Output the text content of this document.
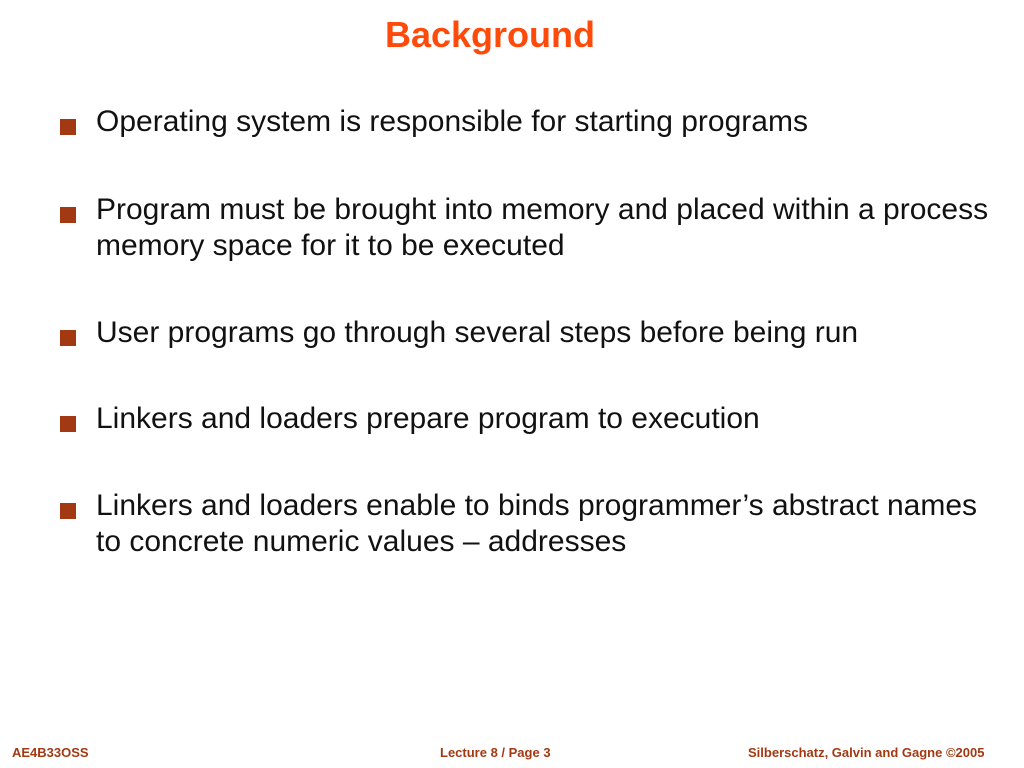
Background
Operating system is responsible for starting programs
Program must be brought into memory and placed within a process memory space for it to be executed
User programs go through several steps before being run
Linkers and loaders prepare program to execution
Linkers and loaders enable to binds programmer’s abstract names to concrete numeric values – addresses
AE4B33OSS	Lecture 8 / Page 3	Silberschatz, Galvin and Gagne ©2005
